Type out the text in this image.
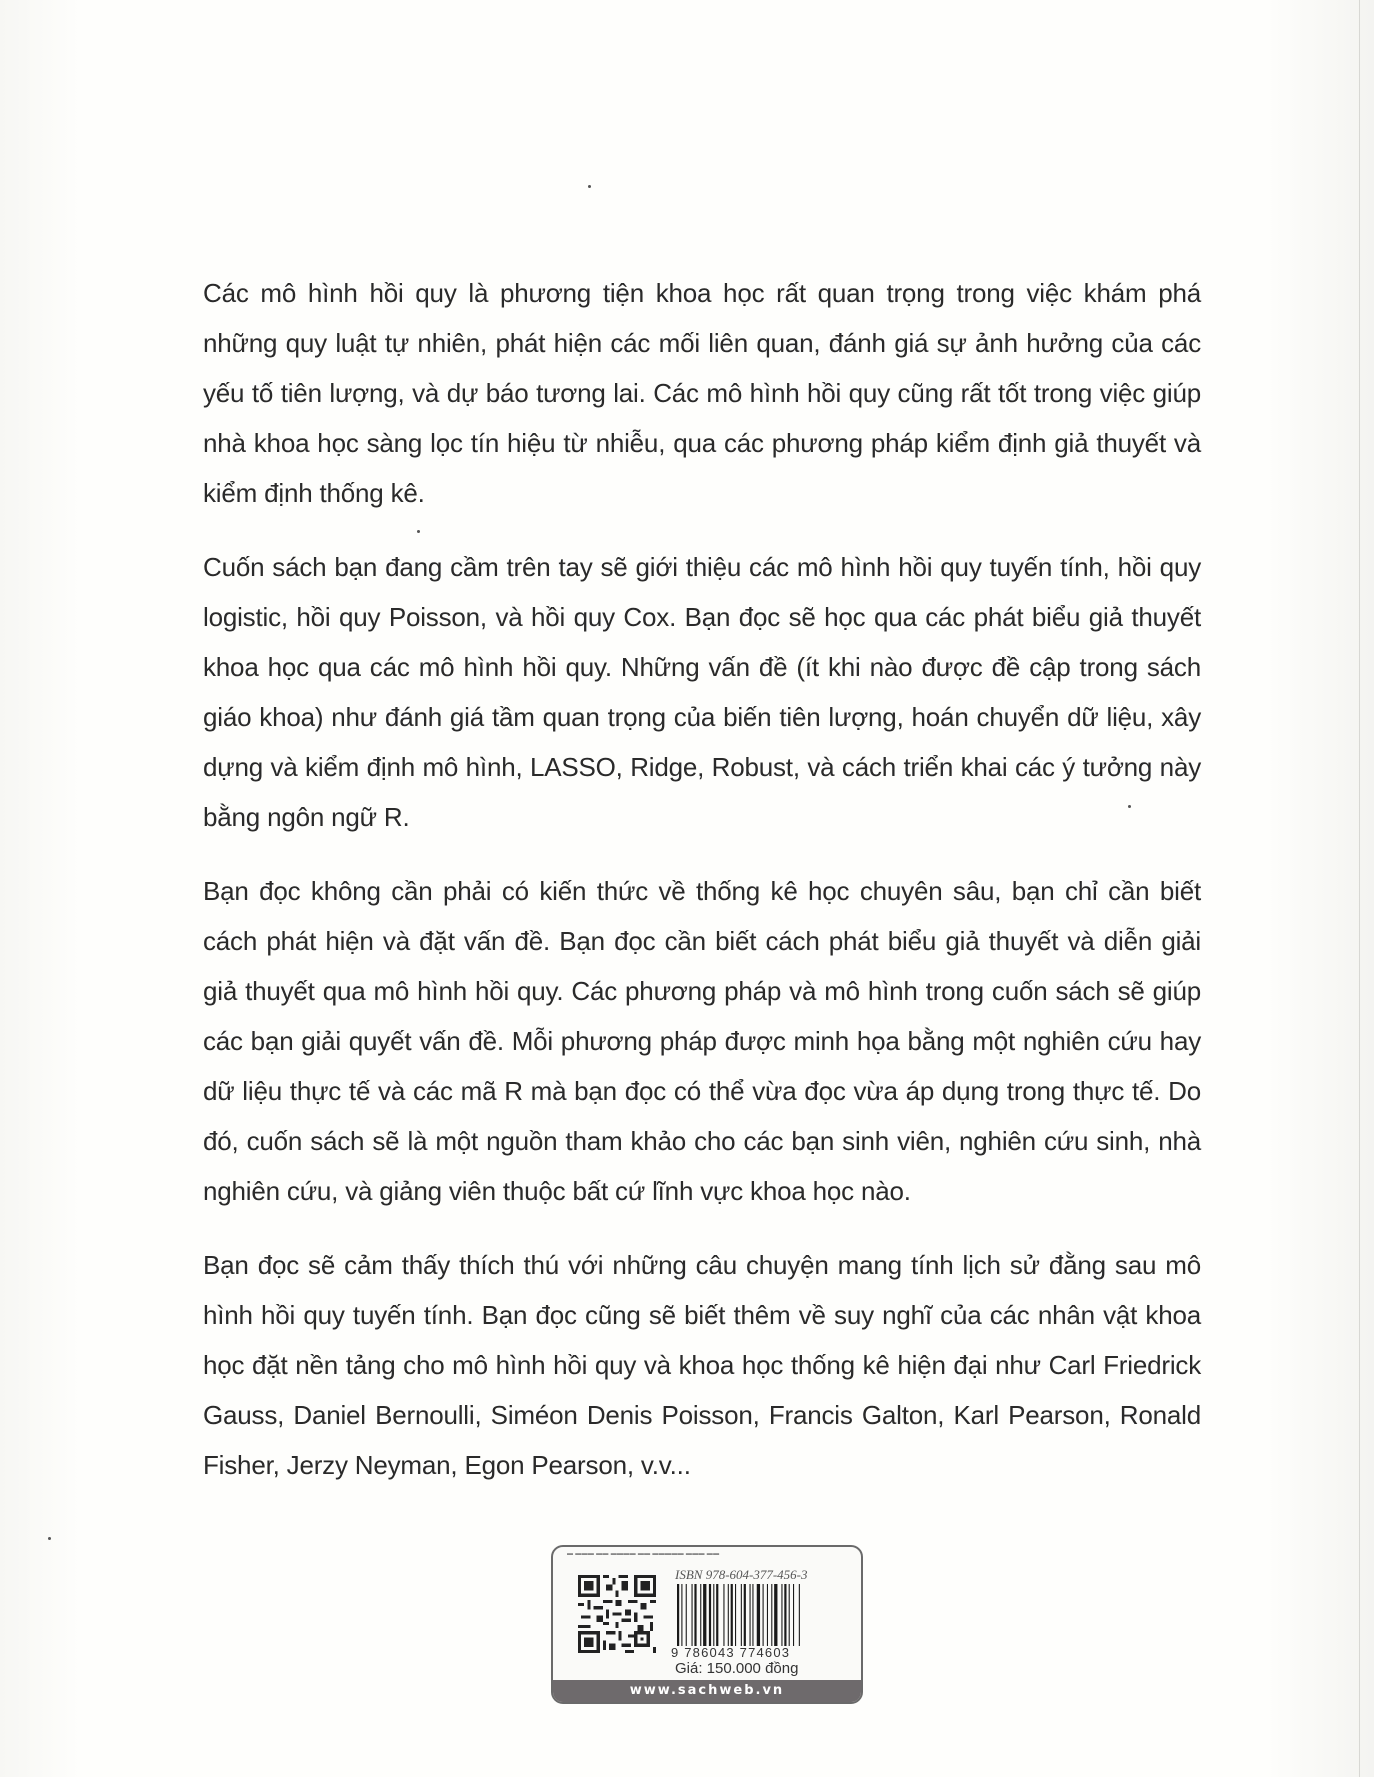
Các mô hình hồi quy là phương tiện khoa học rất quan trọng trong việc khám phá những quy luật tự nhiên, phát hiện các mối liên quan, đánh giá sự ảnh hưởng của các yếu tố tiên lượng, và dự báo tương lai. Các mô hình hồi quy cũng rất tốt trong việc giúp nhà khoa học sàng lọc tín hiệu từ nhiễu, qua các phương pháp kiểm định giả thuyết và kiểm định thống kê.

Cuốn sách bạn đang cầm trên tay sẽ giới thiệu các mô hình hồi quy tuyến tính, hồi quy logistic, hồi quy Poisson, và hồi quy Cox. Bạn đọc sẽ học qua các phát biểu giả thuyết khoa học qua các mô hình hồi quy. Những vấn đề (ít khi nào được đề cập trong sách giáo khoa) như đánh giá tầm quan trọng của biến tiên lượng, hoán chuyển dữ liệu, xây dựng và kiểm định mô hình, LASSO, Ridge, Robust, và cách triển khai các ý tưởng này bằng ngôn ngữ R.

Bạn đọc không cần phải có kiến thức về thống kê học chuyên sâu, bạn chỉ cần biết cách phát hiện và đặt vấn đề. Bạn đọc cần biết cách phát biểu giả thuyết và diễn giải giả thuyết qua mô hình hồi quy. Các phương pháp và mô hình trong cuốn sách sẽ giúp các bạn giải quyết vấn đề. Mỗi phương pháp được minh họa bằng một nghiên cứu hay dữ liệu thực tế và các mã R mà bạn đọc có thể vừa đọc vừa áp dụng trong thực tế. Do đó, cuốn sách sẽ là một nguồn tham khảo cho các bạn sinh viên, nghiên cứu sinh, nhà nghiên cứu, và giảng viên thuộc bất cứ lĩnh vực khoa học nào.

Bạn đọc sẽ cảm thấy thích thú với những câu chuyện mang tính lịch sử đằng sau mô hình hồi quy tuyến tính. Bạn đọc cũng sẽ biết thêm về suy nghĩ của các nhân vật khoa học đặt nền tảng cho mô hình hồi quy và khoa học thống kê hiện đại như Carl Friedrick Gauss, Daniel Bernoulli, Siméon Denis Poisson, Francis Galton, Karl Pearson, Ronald Fisher, Jerzy Neyman, Egon Pearson, v.v...

▬ ▬▬▬ ▬▬ ▬▬▬▬ ▬▬ ▬▬▬▬▬ ▬▬▬ ▬▬
ISBN 978-604-377-456-3
9 786043 774603
Giá: 150.000 đồng
www.sachweb.vn
